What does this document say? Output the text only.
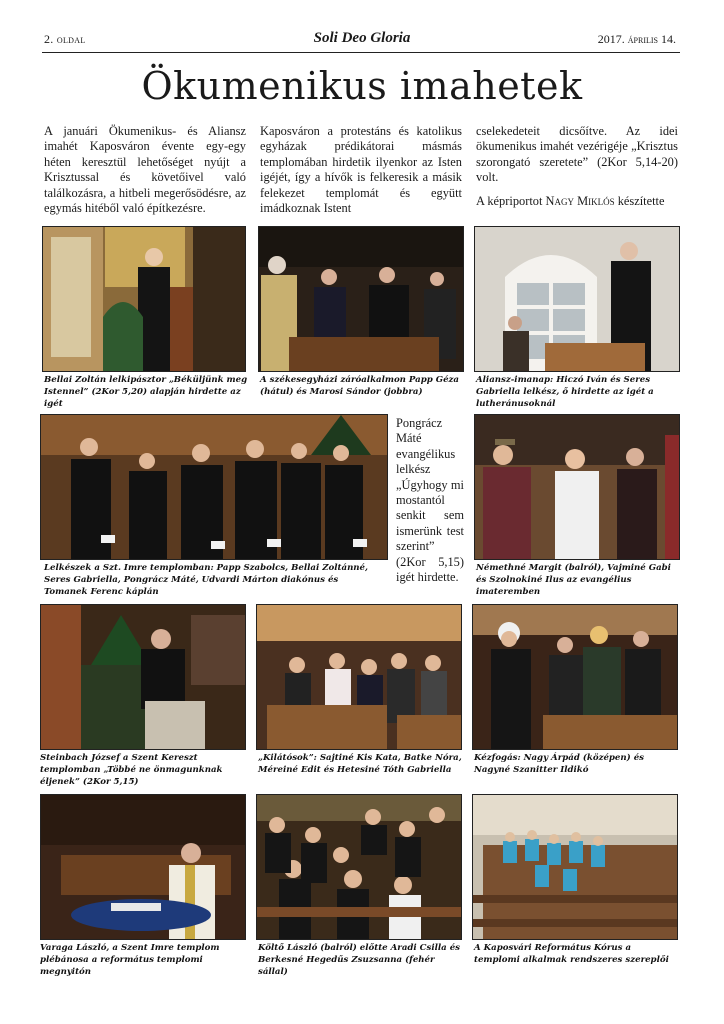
2. oldal	Soli Deo Gloria	2017. április 14.
Ökumenikus imahetek
A januári Ökumenikus- és Aliansz imahét Kaposváron évente egy-egy héten keresztül lehetőséget nyújt a Krisztussal és követőivel való találkozásra, a hitbeli megerősödésre, az egymás hitéből való építkezésre.
Kaposváron a protestáns és katolikus egyházak prédikátorai másmás templomában hirdetik ilyenkor az Isten igéjét, így a hívők is felkeresik a másik felekezet templomát és együtt imádkoznak Istent
cselekedeteit dicsőítve. Az idei ökumenikus imahét vezérigéje „Krisztus szorongató szeretete” (2Kor 5,14-20) volt.
A képriportot Nagy Miklós készítette
Bellai Zoltán lelkipásztor „Béküljünk meg Istennel” (2Kor 5,20) alapján hirdette az igét
A székesegyházi záróalkalmon Papp Géza (hátul) és Marosi Sándor (jobbra)
Aliansz-imanap: Hiczó Iván és Seres Gabriella lelkész, ő hirdette az igét a lutheránusoknál
Lelkészek a Szt. Imre templomban: Papp Szabolcs, Bellai Zoltánné, Seres Gabriella, Pongrácz Máté, Udvardi Márton diakónus és Tomanek Ferenc káplán
Pongrácz Máté evangélikus lelkész „Úgyhogy mi mostantól senkit sem ismerünk test szerint” (2Kor 5,15) igét hirdette.
Némethné Margit (balról), Vajminé Gabi és Szolnokiné Ilus az evangélius imateremben
Steinbach József a Szent Kereszt templomban „Többé ne önmagunknak éljenek” (2Kor 5,15)
„Kilátósok”: Sajtiné Kis Kata, Batke Nóra, Méreiné Edit és Hetesiné Tóth Gabriella
Kézfogás: Nagy Árpád (középen) és Nagyné Szanitter Ildikó
Varaga László, a Szent Imre templom plébánosa a református templomi megnyitón
Költő László (balról) előtte Aradi Csilla és Berkesné Hegedűs Zsuzsanna (fehér sállal)
A Kaposvári Református Kórus a templomi alkalmak rendszeres szereplői
